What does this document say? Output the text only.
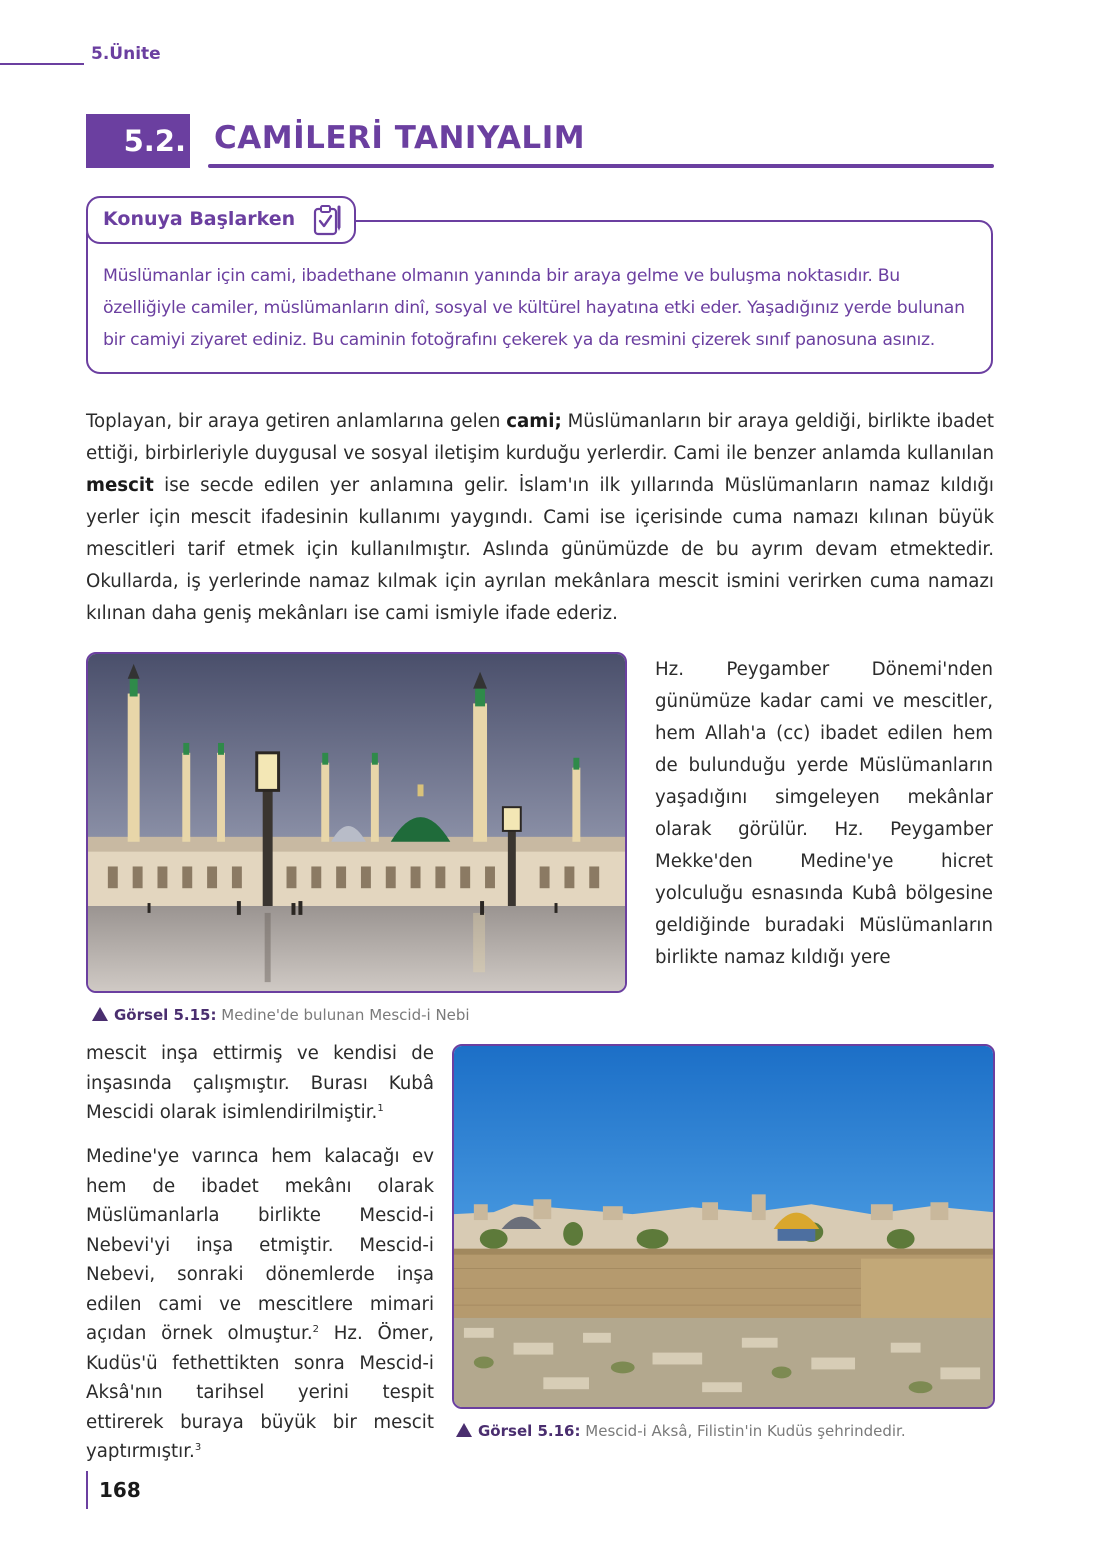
5.Ünite
5.2. CAMİLERİ TANIYALIM
Konuya Başlarken
Müslümanlar için cami, ibadethane olmanın yanında bir araya gelme ve buluşma noktasıdır. Bu özelliğiyle camiler, müslümanların dinî, sosyal ve kültürel hayatına etki eder. Yaşadığınız yerde bulunan bir camiyi ziyaret ediniz. Bu caminin fotoğrafını çekerek ya da resmini çizerek sınıf panosuna asınız.

Toplayan, bir araya getiren anlamlarına gelen cami; Müslümanların bir araya geldiği, birlikte ibadet ettiği, birbirleriyle duygusal ve sosyal iletişim kurduğu yerlerdir. Cami ile benzer anlamda kullanılan mescit ise secde edilen yer anlamına gelir. İslam'ın ilk yıllarında Müslümanların namaz kıldığı yerler için mescit ifadesinin kullanımı yaygındı. Cami ise içerisinde cuma namazı kılınan büyük mescitleri tarif etmek için kullanılmıştır. Aslında günümüzde de bu ayrım devam etmektedir. Okullarda, iş yerlerinde namaz kılmak için ayrılan mekânlara mescit ismini verirken cuma namazı kılınan daha geniş mekânları ise cami ismiyle ifade ederiz.

Görsel 5.15: Medine'de bulunan Mescid-i Nebi

Hz. Peygamber Dönemi'nden günümüze kadar cami ve mescitler, hem Allah'a (cc) ibadet edilen hem de bulunduğu yerde Müslümanların yaşadığını simgeleyen mekânlar olarak görülür. Hz. Peygamber Mekke'den Medine'ye hicret yolculuğu esnasında Kubâ bölgesine geldiğinde buradaki Müslümanların birlikte namaz kıldığı yere

mescit inşa ettirmiş ve kendisi de inşasında çalışmıştır. Burası Kubâ Mescidi olarak isimlendirilmiştir.$^1$

Medine'ye varınca hem kalacağı ev hem de ibadet mekânı olarak Müslümanlarla birlikte Mescid-i Nebevi'yi inşa etmiştir. Mescid-i Nebevi, sonraki dönemlerde inşa edilen cami ve mescitlere mimari açıdan örnek olmuştur.$^2$ Hz. Ömer, Kudüs'ü fethettikten sonra Mescid-i Aksâ'nın tarihsel yerini tespit ettirerek buraya büyük bir mescit yaptırmıştır.$^3$

Görsel 5.16: Mescid-i Aksâ, Filistin'in Kudüs şehrindedir.
168
